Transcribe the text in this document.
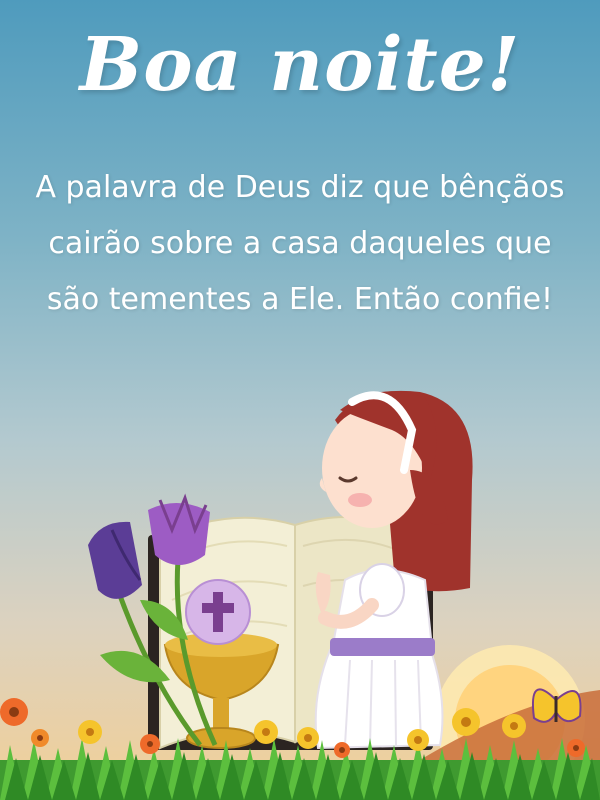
Boa noite!
A palavra de Deus diz que bênçãos
cairão sobre a casa daqueles que
são tementes a Ele. Então confie!
